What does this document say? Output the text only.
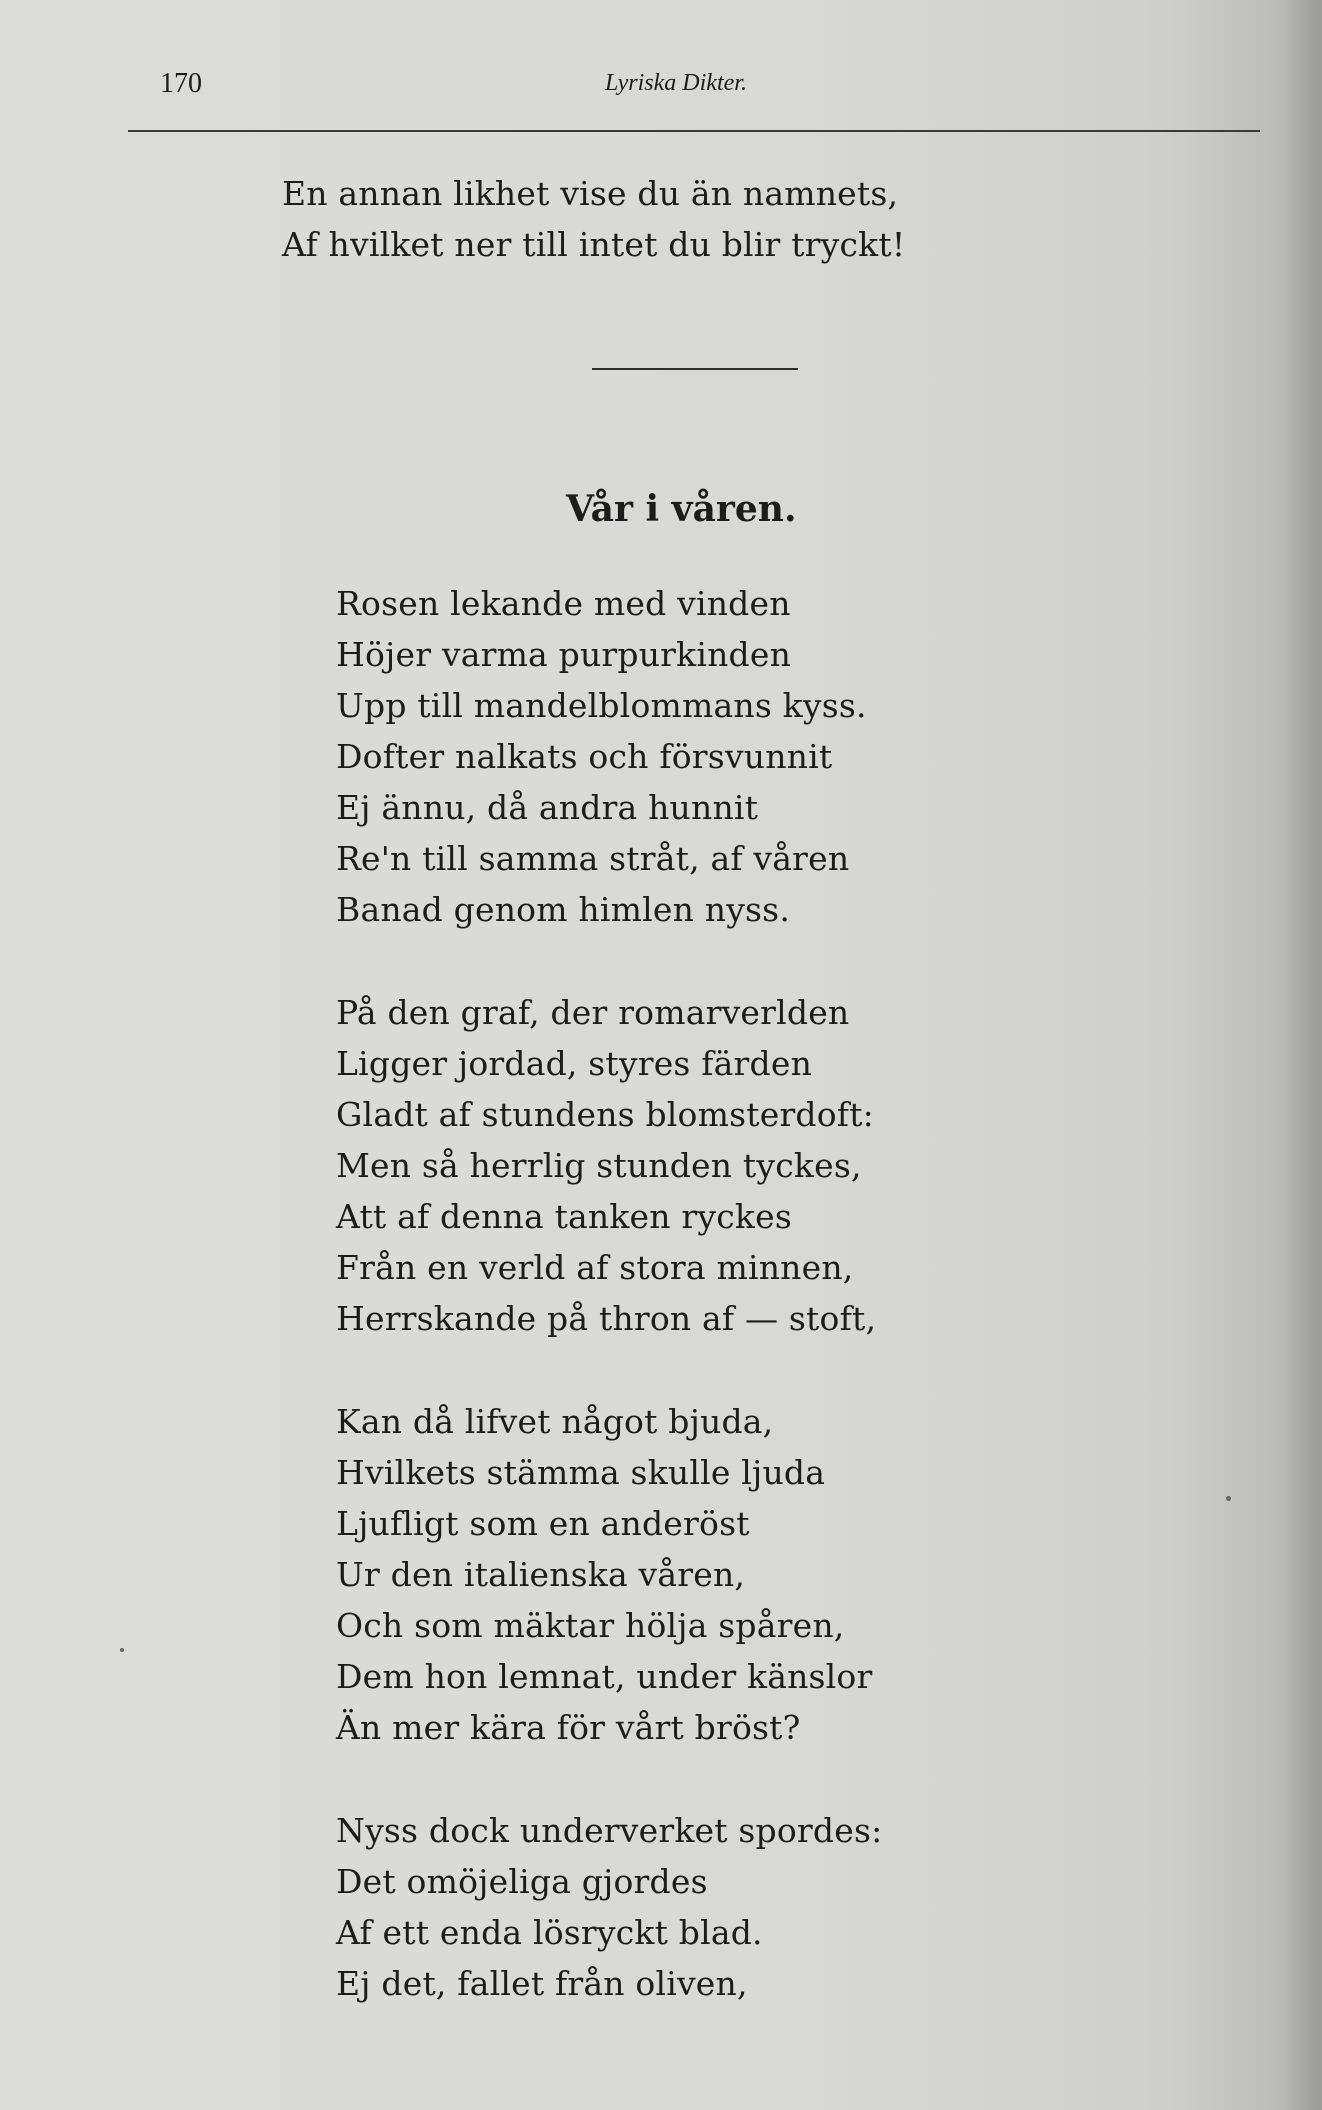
170	Lyriska Dikter.
En annan likhet vise du än namnets,
Af hvilket ner till intet du blir tryckt!
Vår i våren.
Rosen lekande med vinden
Höjer varma purpurkinden
Upp till mandelblommans kyss.
Dofter nalkats och försvunnit
Ej ännu, då andra hunnit
Re'n till samma stråt, af våren
Banad genom himlen nyss.
På den graf, der romarverlden
Ligger jordad, styres färden
Gladt af stundens blomsterdoft:
Men så herrlig stunden tyckes,
Att af denna tanken ryckes
Från en verld af stora minnen,
Herrskande på thron af — stoft,
Kan då lifvet något bjuda,
Hvilkets stämma skulle ljuda
Ljufligt som en anderöst
Ur den italienska våren,
Och som mäktar hölja spåren,
Dem hon lemnat, under känslor
Än mer kära för vårt bröst?
Nyss dock underverket spordes:
Det omöjeliga gjordes
Af ett enda lösryckt blad.
Ej det, fallet från oliven,
